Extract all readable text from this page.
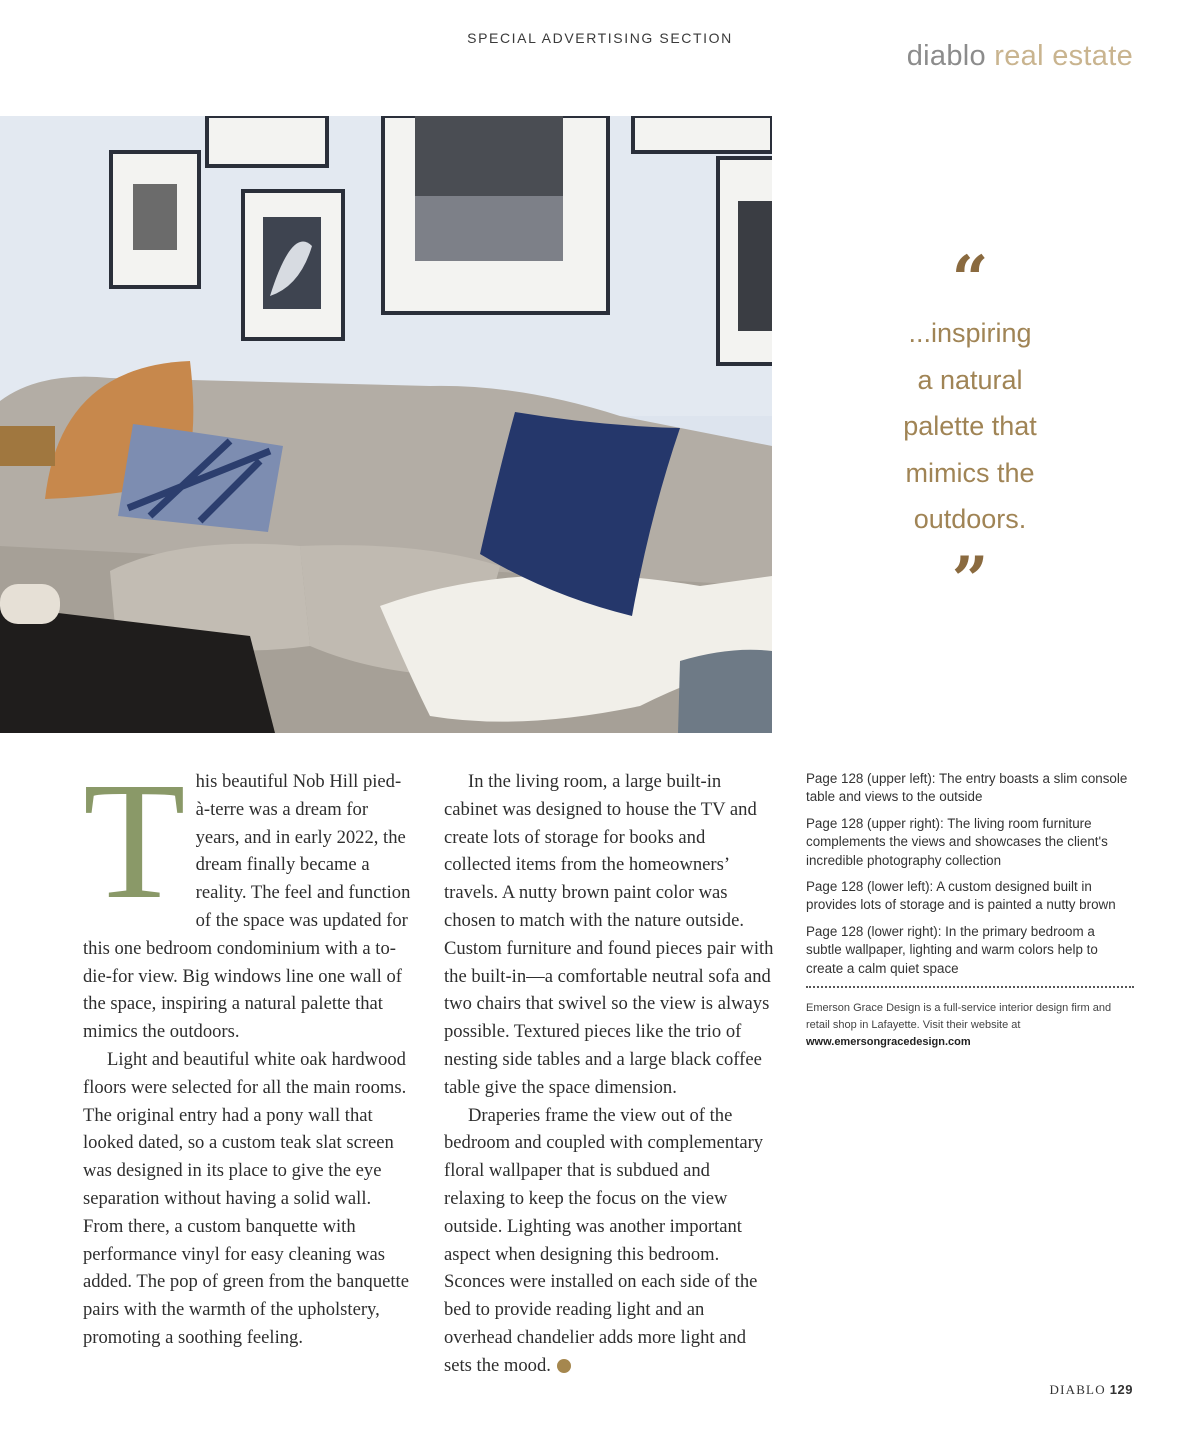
SPECIAL ADVERTISING SECTION
diablo real estate
“
...inspiring
a natural
palette that
mimics the
outdoors.
”
T his beautiful Nob Hill pied-à-terre was a dream for years, and in early 2022, the dream finally became a reality. The feel and function of the space was updated for this one bedroom condominium with a to-die-for view. Big windows line one wall of the space, inspiring a natural palette that mimics the outdoors.

Light and beautiful white oak hardwood floors were selected for all the main rooms. The original entry had a pony wall that looked dated, so a custom teak slat screen was designed in its place to give the eye separation without having a solid wall. From there, a custom banquette with performance vinyl for easy cleaning was added. The pop of green from the banquette pairs with the warmth of the upholstery, promoting a soothing feeling.

In the living room, a large built-in cabinet was designed to house the TV and create lots of storage for books and collected items from the homeowners’ travels. A nutty brown paint color was chosen to match with the nature outside. Custom furniture and found pieces pair with the built-in—a comfortable neutral sofa and two chairs that swivel so the view is always possible. Textured pieces like the trio of nesting side tables and a large black coffee table give the space dimension.

Draperies frame the view out of the bedroom and coupled with complementary floral wallpaper that is subdued and relaxing to keep the focus on the view outside. Lighting was another important aspect when designing this bedroom. Sconces were installed on each side of the bed to provide reading light and an overhead chandelier adds more light and sets the mood.	d

Page 128 (upper left): The entry boasts a slim console table and views to the outside

Page 128 (upper right): The living room furniture complements the views and showcases the client's incredible photography collection

Page 128 (lower left): A custom designed built in provides lots of storage and is painted a nutty brown

Page 128 (lower right): In the primary bedroom a subtle wallpaper, lighting and warm colors help to create a calm quiet space

Emerson Grace Design is a full-service interior design firm and retail shop in Lafayette. Visit their website at
www.emersongracedesign.com
DIABLO 129
